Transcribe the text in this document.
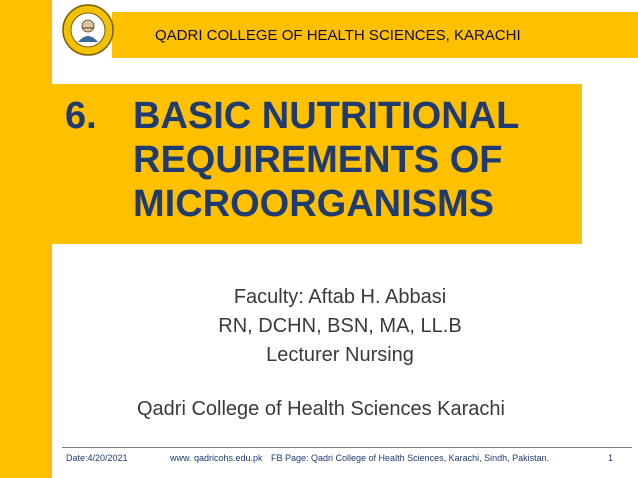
QADRI COLLEGE OF HEALTH SCIENCES, KARACHI
6. BASIC NUTRITIONAL
REQUIREMENTS OF
MICROORGANISMS
Faculty: Aftab H. Abbasi
RN, DCHN, BSN, MA, LL.B
Lecturer Nursing
Qadri College of Health Sciences Karachi
Date:4/20/2021	www. qadricohs.edu.pk FB Page: Qadri College of Health Sciences, Karachi, Sindh, Pakistan.	1
